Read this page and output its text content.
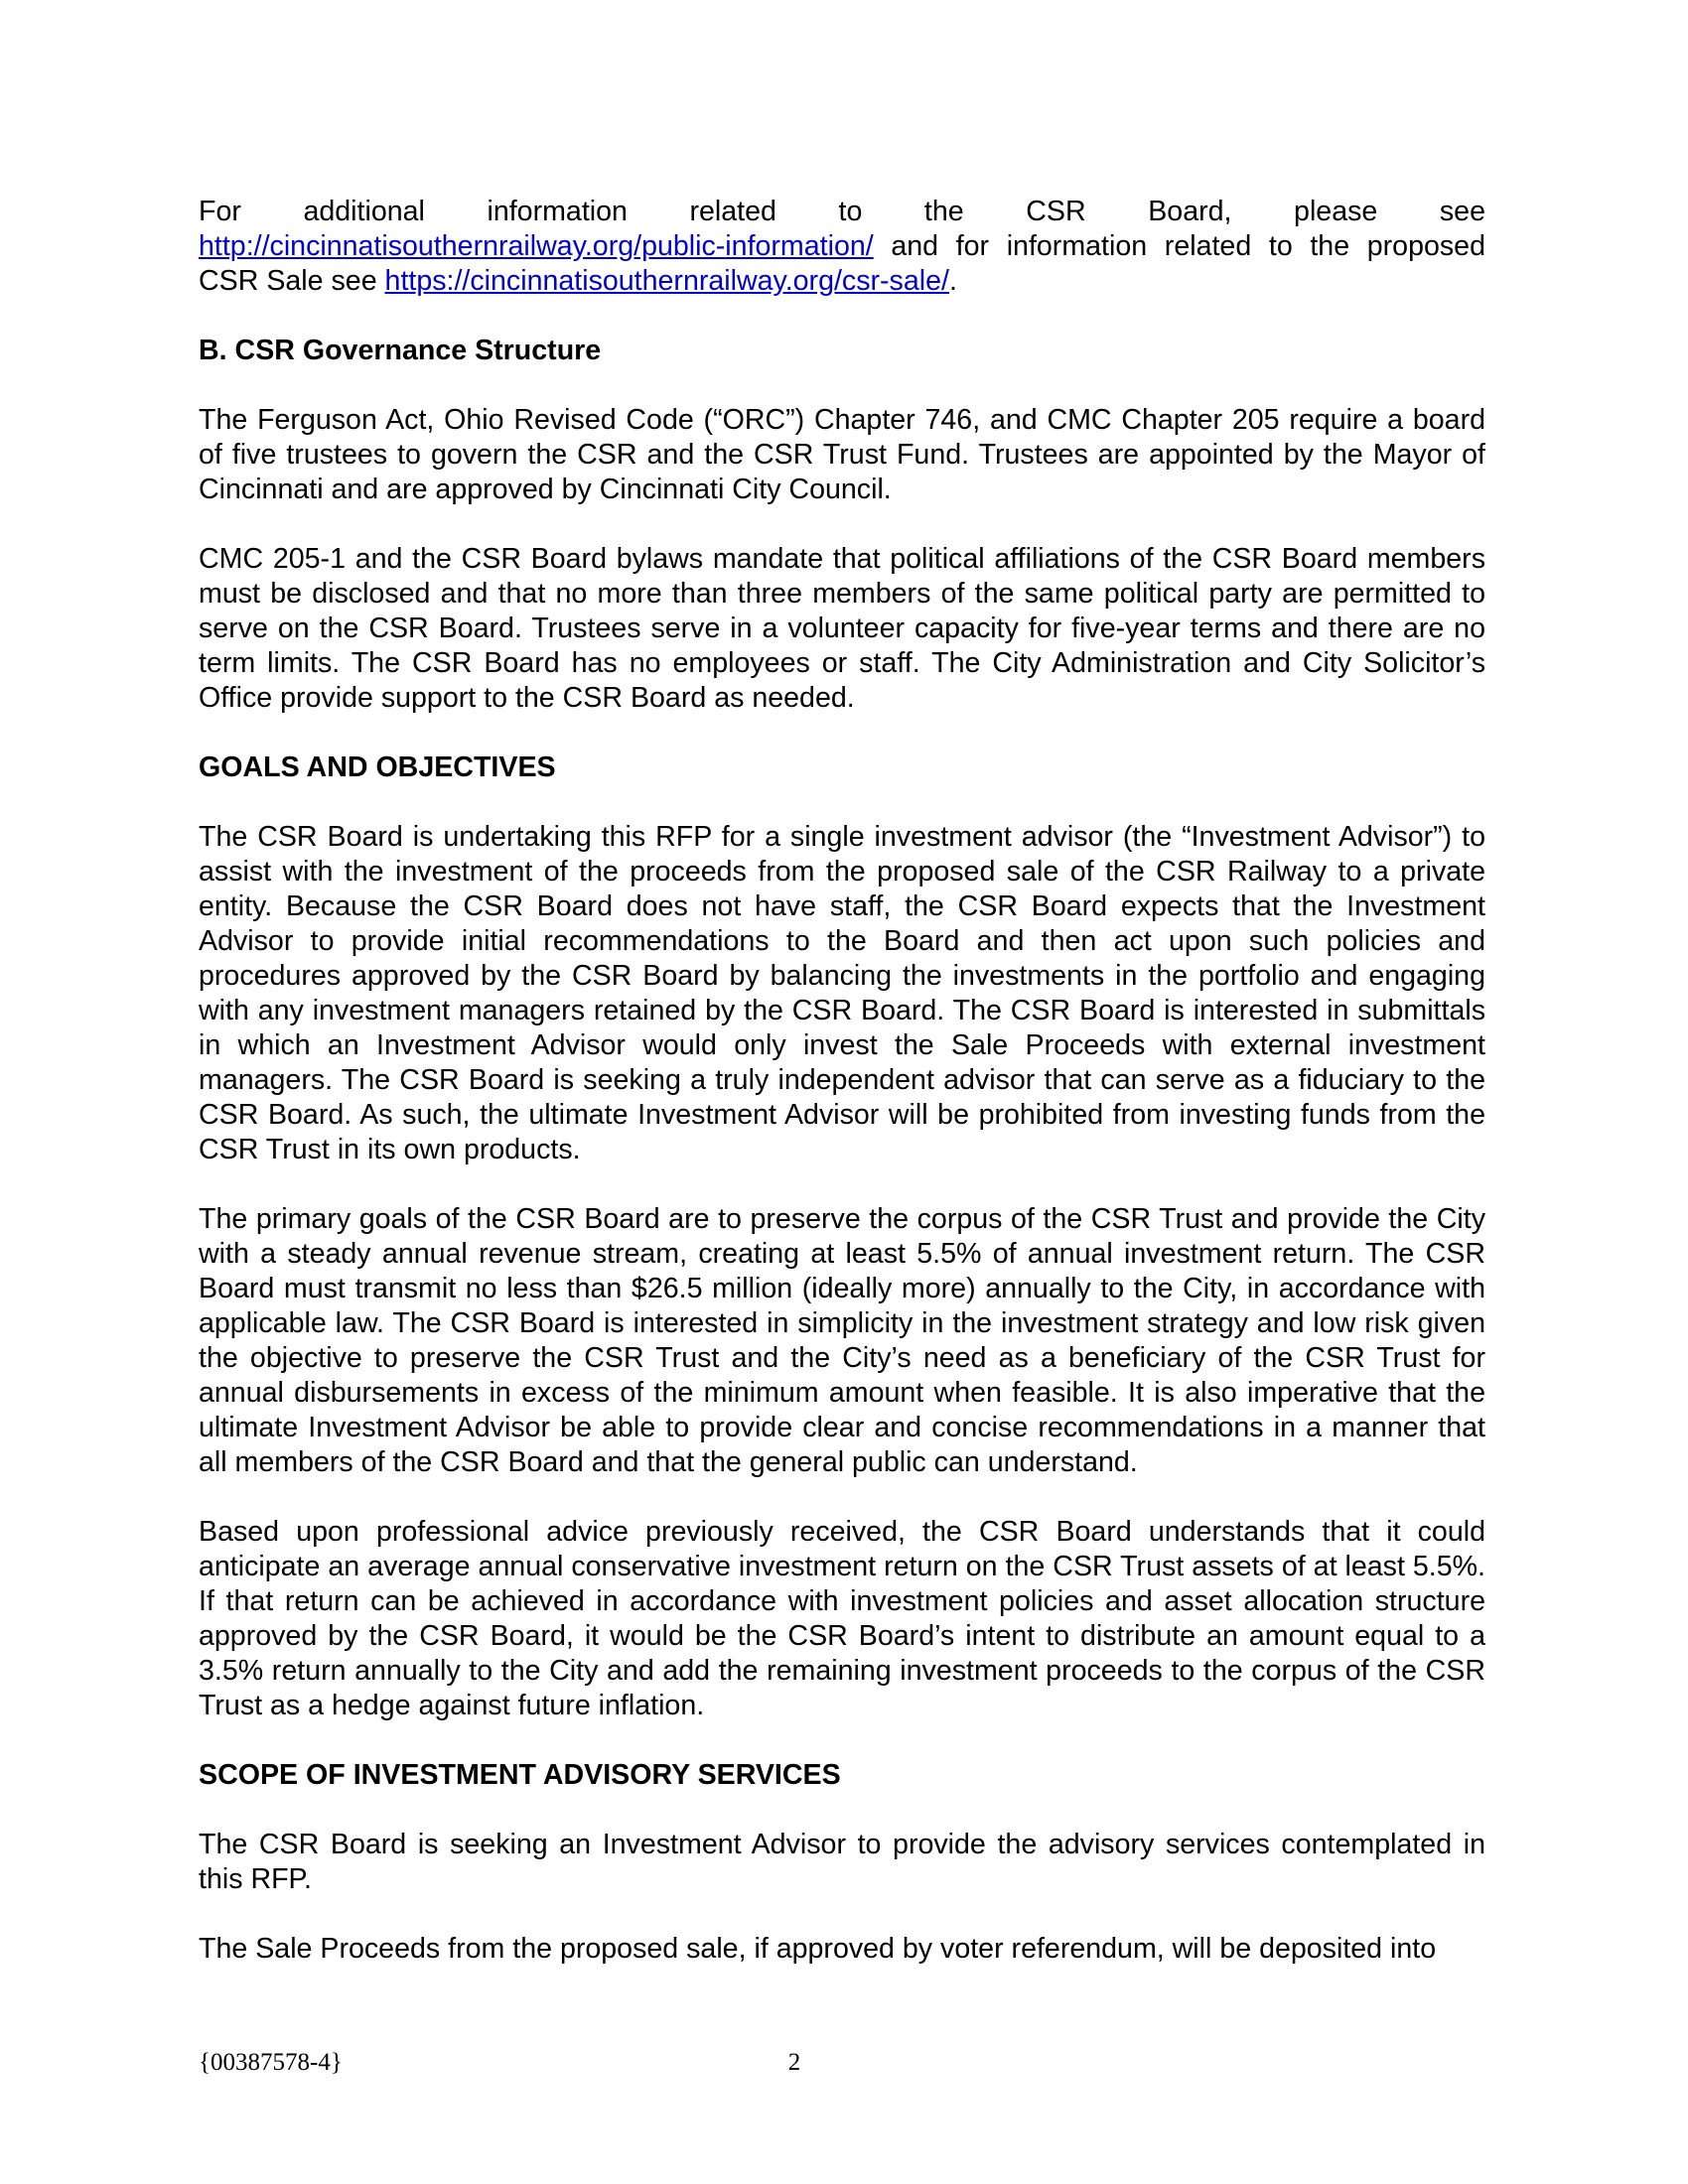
For additional information related to the CSR Board, please see http://cincinnatisouthernrailway.org/public-information/ and for information related to the proposed CSR Sale see https://cincinnatisouthernrailway.org/csr-sale/.

B. CSR Governance Structure

The Ferguson Act, Ohio Revised Code (“ORC”) Chapter 746, and CMC Chapter 205 require a board of five trustees to govern the CSR and the CSR Trust Fund. Trustees are appointed by the Mayor of Cincinnati and are approved by Cincinnati City Council.

CMC 205-1 and the CSR Board bylaws mandate that political affiliations of the CSR Board members must be disclosed and that no more than three members of the same political party are permitted to serve on the CSR Board. Trustees serve in a volunteer capacity for five-year terms and there are no term limits. The CSR Board has no employees or staff. The City Administration and City Solicitor’s Office provide support to the CSR Board as needed.

GOALS AND OBJECTIVES

The CSR Board is undertaking this RFP for a single investment advisor (the “Investment Advisor”) to assist with the investment of the proceeds from the proposed sale of the CSR Railway to a private entity. Because the CSR Board does not have staff, the CSR Board expects that the Investment Advisor to provide initial recommendations to the Board and then act upon such policies and procedures approved by the CSR Board by balancing the investments in the portfolio and engaging with any investment managers retained by the CSR Board. The CSR Board is interested in submittals in which an Investment Advisor would only invest the Sale Proceeds with external investment managers. The CSR Board is seeking a truly independent advisor that can serve as a fiduciary to the CSR Board. As such, the ultimate Investment Advisor will be prohibited from investing funds from the CSR Trust in its own products.

The primary goals of the CSR Board are to preserve the corpus of the CSR Trust and provide the City with a steady annual revenue stream, creating at least 5.5% of annual investment return. The CSR Board must transmit no less than $26.5 million (ideally more) annually to the City, in accordance with applicable law. The CSR Board is interested in simplicity in the investment strategy and low risk given the objective to preserve the CSR Trust and the City’s need as a beneficiary of the CSR Trust for annual disbursements in excess of the minimum amount when feasible. It is also imperative that the ultimate Investment Advisor be able to provide clear and concise recommendations in a manner that all members of the CSR Board and that the general public can understand.

Based upon professional advice previously received, the CSR Board understands that it could anticipate an average annual conservative investment return on the CSR Trust assets of at least 5.5%. If that return can be achieved in accordance with investment policies and asset allocation structure approved by the CSR Board, it would be the CSR Board’s intent to distribute an amount equal to a 3.5% return annually to the City and add the remaining investment proceeds to the corpus of the CSR Trust as a hedge against future inflation.

SCOPE OF INVESTMENT ADVISORY SERVICES

The CSR Board is seeking an Investment Advisor to provide the advisory services contemplated in this RFP.

The Sale Proceeds from the proposed sale, if approved by voter referendum, will be deposited into

{00387578-4}	2
